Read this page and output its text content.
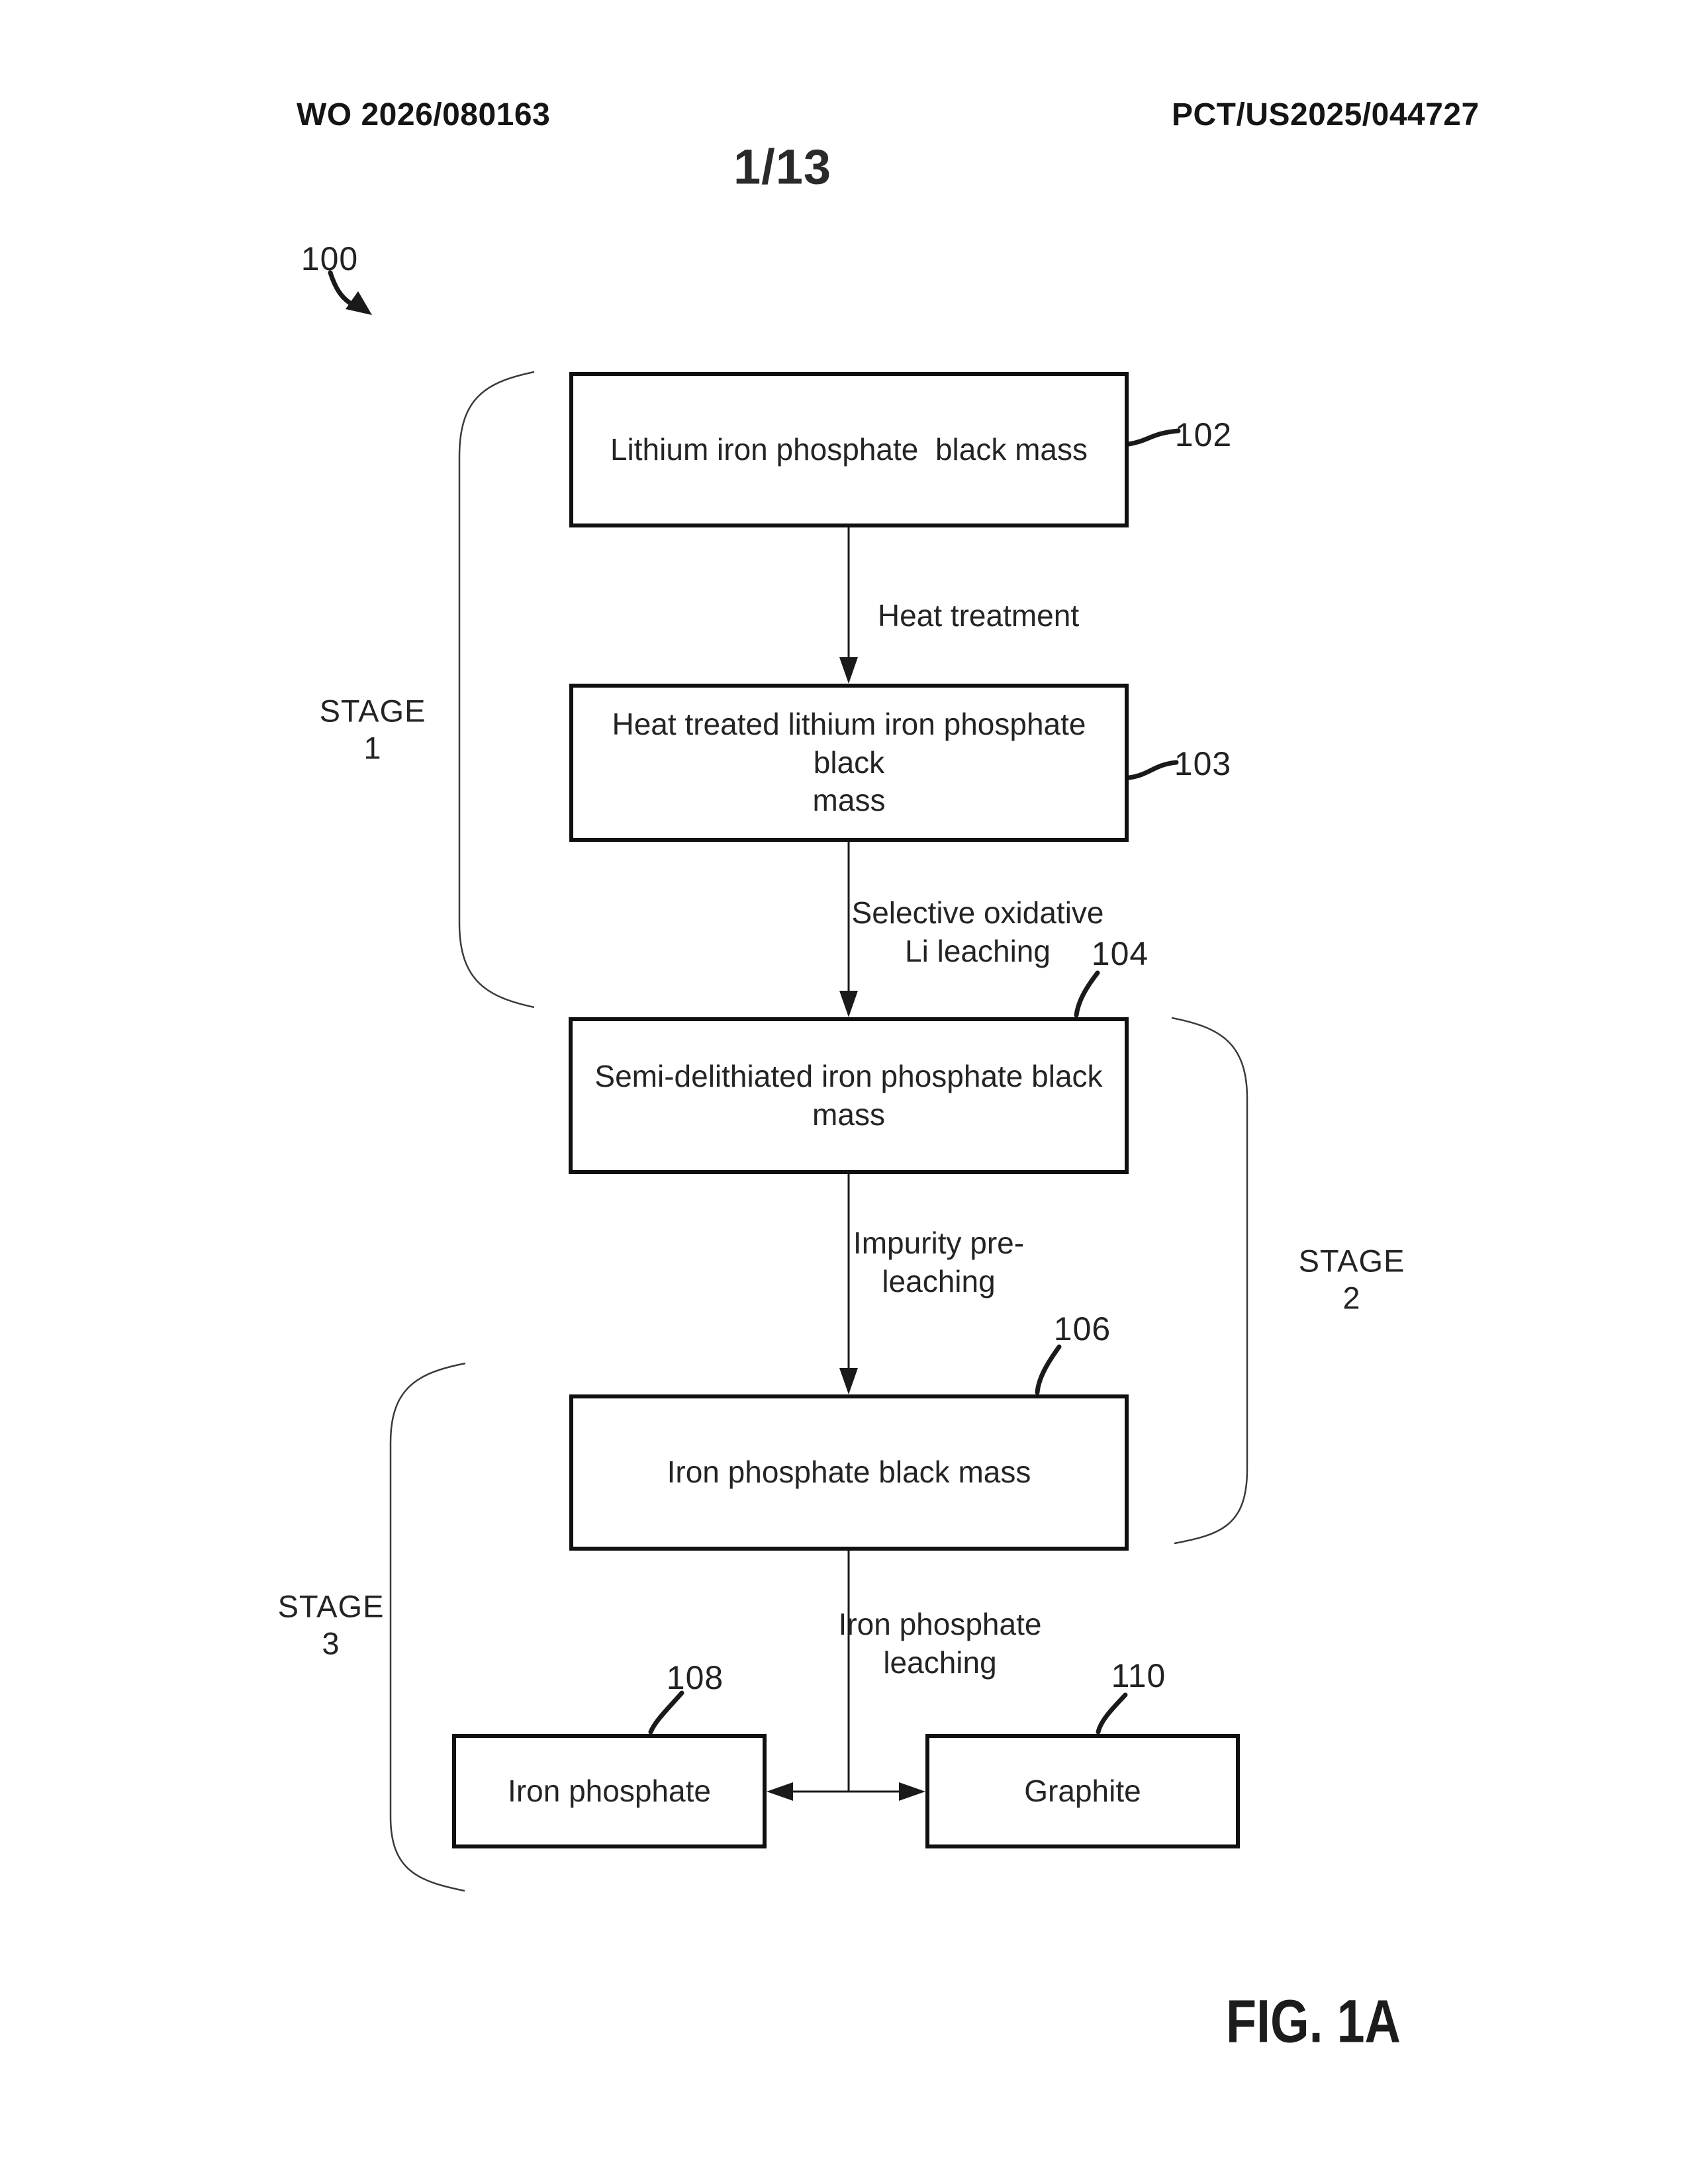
WO 2026/080163	PCT/US2025/044727
1/13
100
Lithium iron phosphate  black mass
Heat treated lithium iron phosphate black
mass
Semi-delithiated iron phosphate black mass
Iron phosphate black mass
Iron phosphate	Graphite
102
103
104
106
108	110
Heat treatment
Selective oxidative
Li leaching
Impurity pre-
leaching
Iron phosphate
leaching
STAGE
1
STAGE
2
STAGE
3
FIG. 1A
